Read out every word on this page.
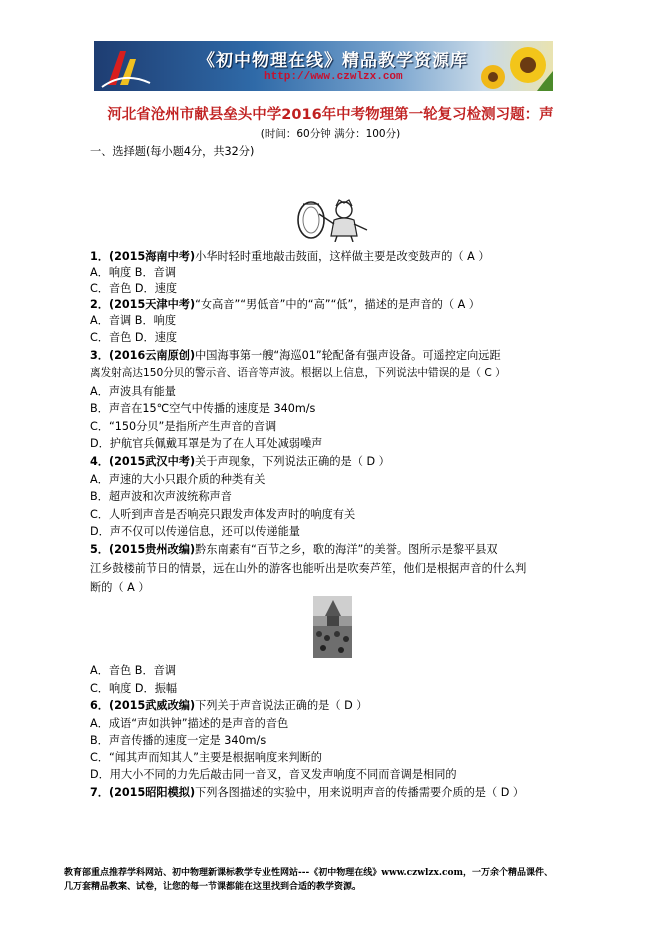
《初中物理在线》精品教学资源库
http://www.czwlzx.com
河北省沧州市献县垒头中学2016年中考物理第一轮复习检测习题：声
(时间：60分钟 满分：100分)
一、选择题(每小题4分，共32分)
1．(2015海南中考)小华时轻时重地敲击鼓面，这样做主要是改变鼓声的（ A ）
A．响度 B．音调
C．音色 D．速度
2．(2015天津中考)“女高音”“男低音”中的“高”“低”，描述的是声音的（ A ）
A．音调 B．响度
C．音色 D．速度
3．(2016云南原创)中国海事第一艘“海巡01”轮配备有强声设备。可遥控定向远距
离发射高达150分贝的警示音、语音等声波。根据以上信息，下列说法中错误的是（ C ）
A．声波具有能量
B．声音在15℃空气中传播的速度是 340m/s
C．“150分贝”是指所产生声音的音调
D．护航官兵佩戴耳罩是为了在人耳处减弱噪声
4．(2015武汉中考)关于声现象，下列说法正确的是（ D ）
A．声速的大小只跟介质的种类有关
B．超声波和次声波统称声音
C．人听到声音是否响亮只跟发声体发声时的响度有关
D．声不仅可以传递信息，还可以传递能量
5．(2015贵州改编)黔东南素有“百节之乡，歌的海洋”的美誉。图所示是黎平县双
江乡鼓楼前节日的情景，远在山外的游客也能听出是吹奏芦笙，他们是根据声音的什么判
断的（ A ）
A．音色 B．音调
C．响度 D．振幅
6．(2015武威改编)下列关于声音说法正确的是（ D ）
A．成语“声如洪钟”描述的是声音的音色
B．声音传播的速度一定是 340m/s
C．“闻其声而知其人”主要是根据响度来判断的
D．用大小不同的力先后敲击同一音叉，音叉发声响度不同而音调是相同的
7．(2015昭阳模拟)下列各图描述的实验中，用来说明声音的传播需要介质的是（ D ）
教育部重点推荐学科网站、初中物理新课标教学专业性网站---《初中物理在线》www.czwlzx.com，一万余个精品课件、
几万套精品教案、试卷，让您的每一节课都能在这里找到合适的教学资源。
